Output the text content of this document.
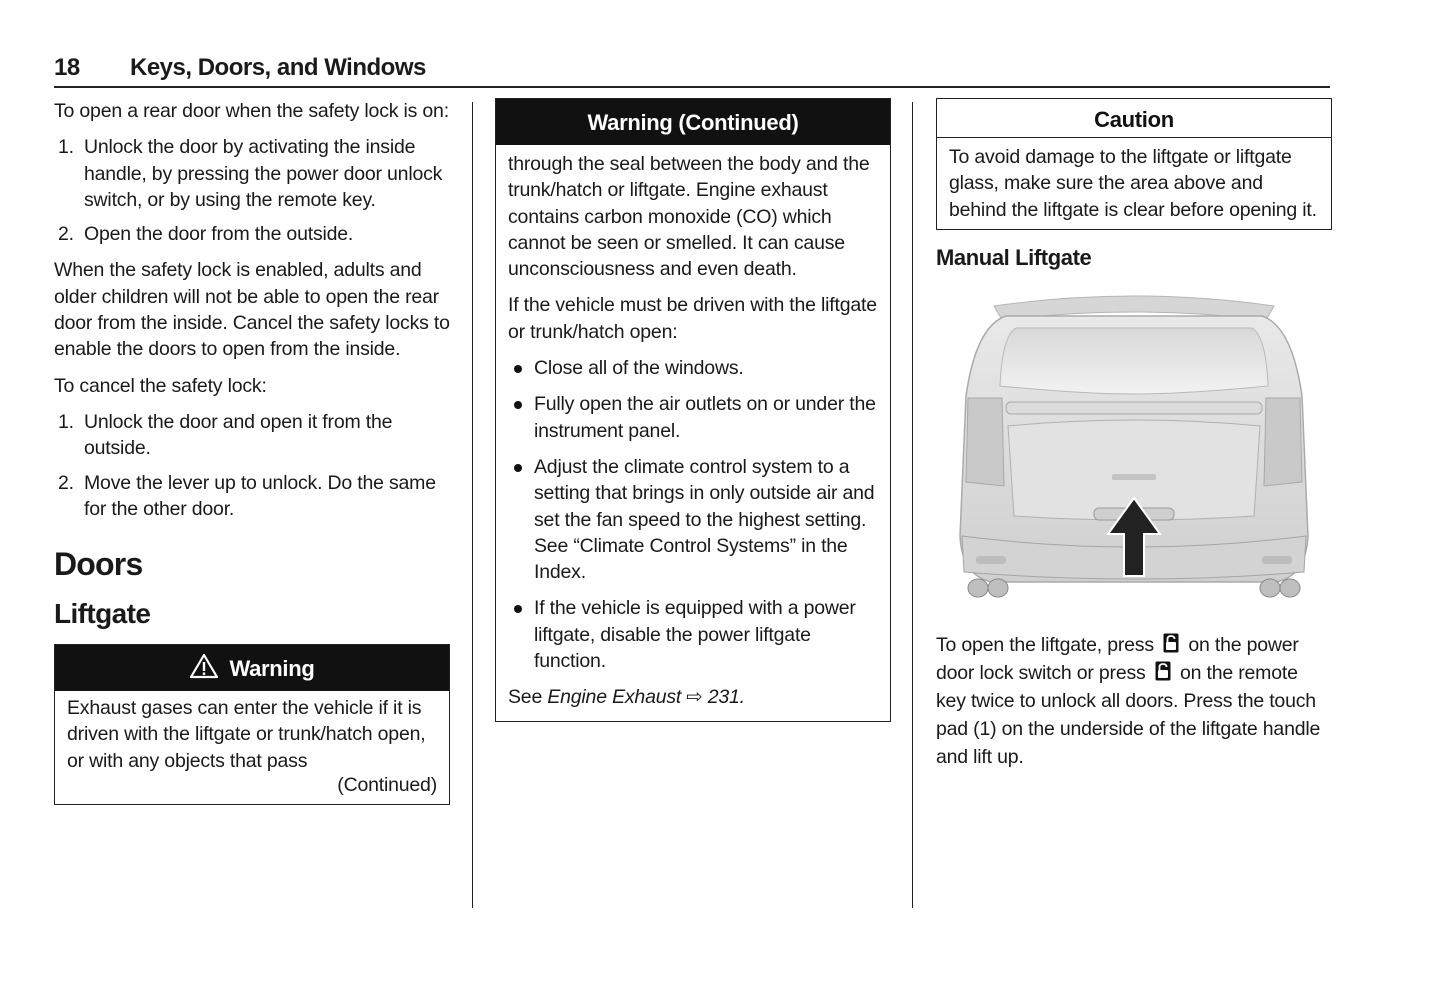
18 Keys, Doors, and Windows

To open a rear door when the safety lock is on:

1. Unlock the door by activating the inside handle, by pressing the power door unlock switch, or by using the remote key.
2. Open the door from the outside.

When the safety lock is enabled, adults and older children will not be able to open the rear door from the inside. Cancel the safety locks to enable the doors to open from the inside.

To cancel the safety lock:

1. Unlock the door and open it from the outside.
2. Move the lever up to unlock. Do the same for the other door.
Doors
Liftgate
Warning
Exhaust gases can enter the vehicle if it is driven with the liftgate or trunk/hatch open, or with any objects that pass
(Continued)
Warning (Continued)

through the seal between the body and the trunk/hatch or liftgate. Engine exhaust contains carbon monoxide (CO) which cannot be seen or smelled. It can cause unconsciousness and even death.

If the vehicle must be driven with the liftgate or trunk/hatch open:

Close all of the windows.
Fully open the air outlets on or under the instrument panel.
Adjust the climate control system to a setting that brings in only outside air and set the fan speed to the highest setting. See “Climate Control Systems” in the Index.
If the vehicle is equipped with a power liftgate, disable the power liftgate function.

See Engine Exhaust ⇨ 231.

Caution
To avoid damage to the liftgate or liftgate glass, make sure the area above and behind the liftgate is clear before opening it.
Manual Liftgate

To open the liftgate, press on the power door lock switch or press on the remote key twice to unlock all doors. Press the touch pad (1) on the underside of the liftgate handle and lift up.
